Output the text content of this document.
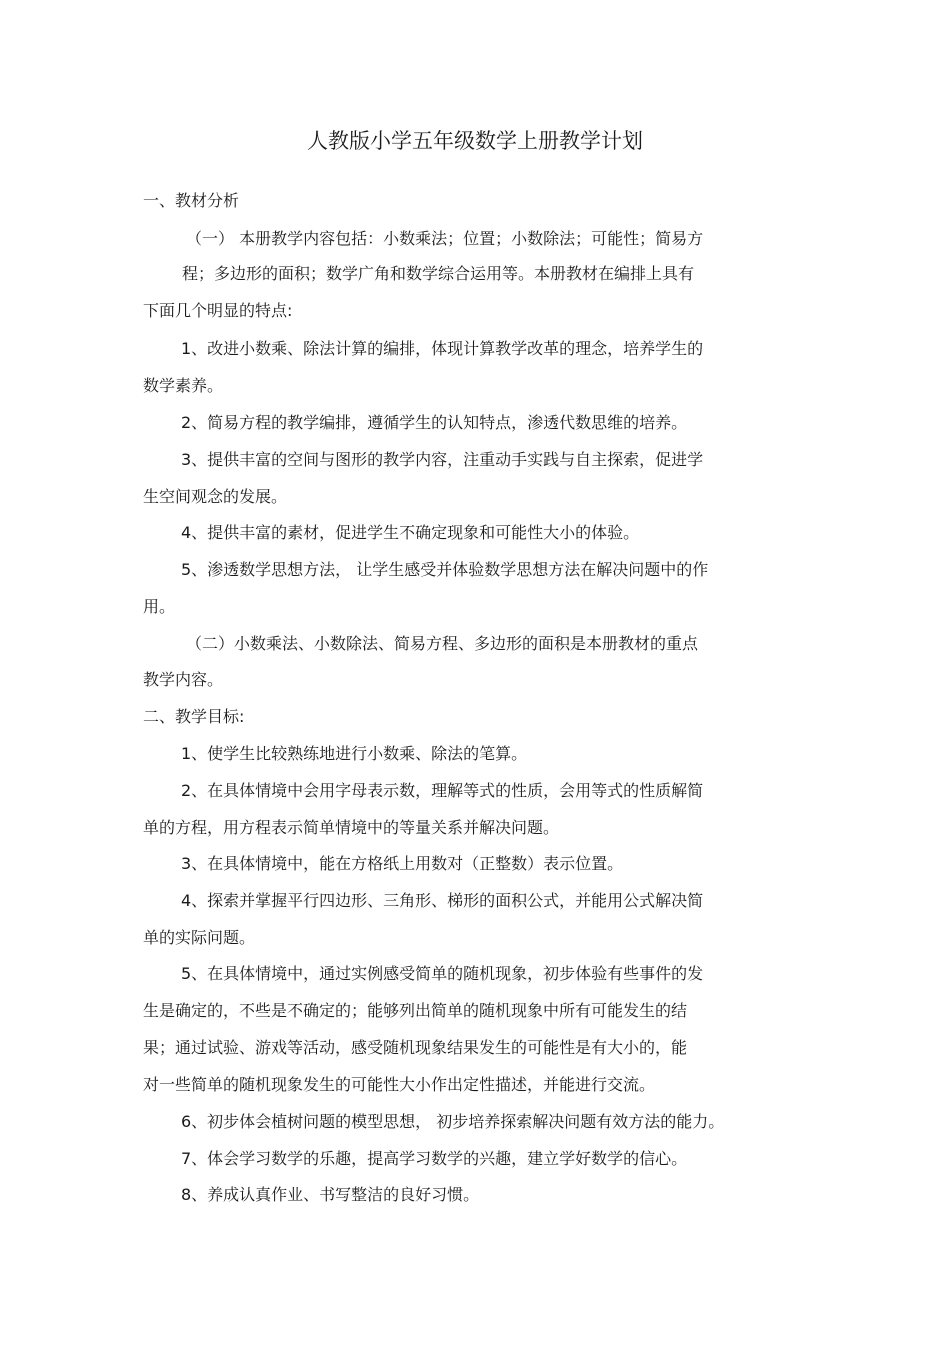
人教版小学五年级数学上册教学计划
一、教材分析
（一） 本册教学内容包括：小数乘法；位置；小数除法；可能性；简易方
程；多边形的面积；数学广角和数学综合运用等。本册教材在编排上具有
下面几个明显的特点:
1、改进小数乘、除法计算的编排，体现计算教学改革的理念，培养学生的
数学素养。
2、简易方程的教学编排，遵循学生的认知特点，渗透代数思维的培养。
3、提供丰富的空间与图形的教学内容，注重动手实践与自主探索，促进学
生空间观念的发展。
4、提供丰富的素材，促进学生不确定现象和可能性大小的体验。
5、渗透数学思想方法， 让学生感受并体验数学思想方法在解决问题中的作
用。
（二）小数乘法、小数除法、简易方程、多边形的面积是本册教材的重点
教学内容。
二、教学目标:
1、使学生比较熟练地进行小数乘、除法的笔算。
2、在具体情境中会用字母表示数，理解等式的性质，会用等式的性质解简
单的方程，用方程表示简单情境中的等量关系并解决问题。
3、在具体情境中，能在方格纸上用数对（正整数）表示位置。
4、探索并掌握平行四边形、三角形、梯形的面积公式，并能用公式解决简
单的实际问题。
5、在具体情境中，通过实例感受简单的随机现象，初步体验有些事件的发
生是确定的，不些是不确定的；能够列出简单的随机现象中所有可能发生的结
果；通过试验、游戏等活动，感受随机现象结果发生的可能性是有大小的，能
对一些简单的随机现象发生的可能性大小作出定性描述，并能进行交流。
6、初步体会植树问题的模型思想， 初步培养探索解决问题有效方法的能力。
7、体会学习数学的乐趣，提高学习数学的兴趣，建立学好数学的信心。
8、养成认真作业、书写整洁的良好习惯。
